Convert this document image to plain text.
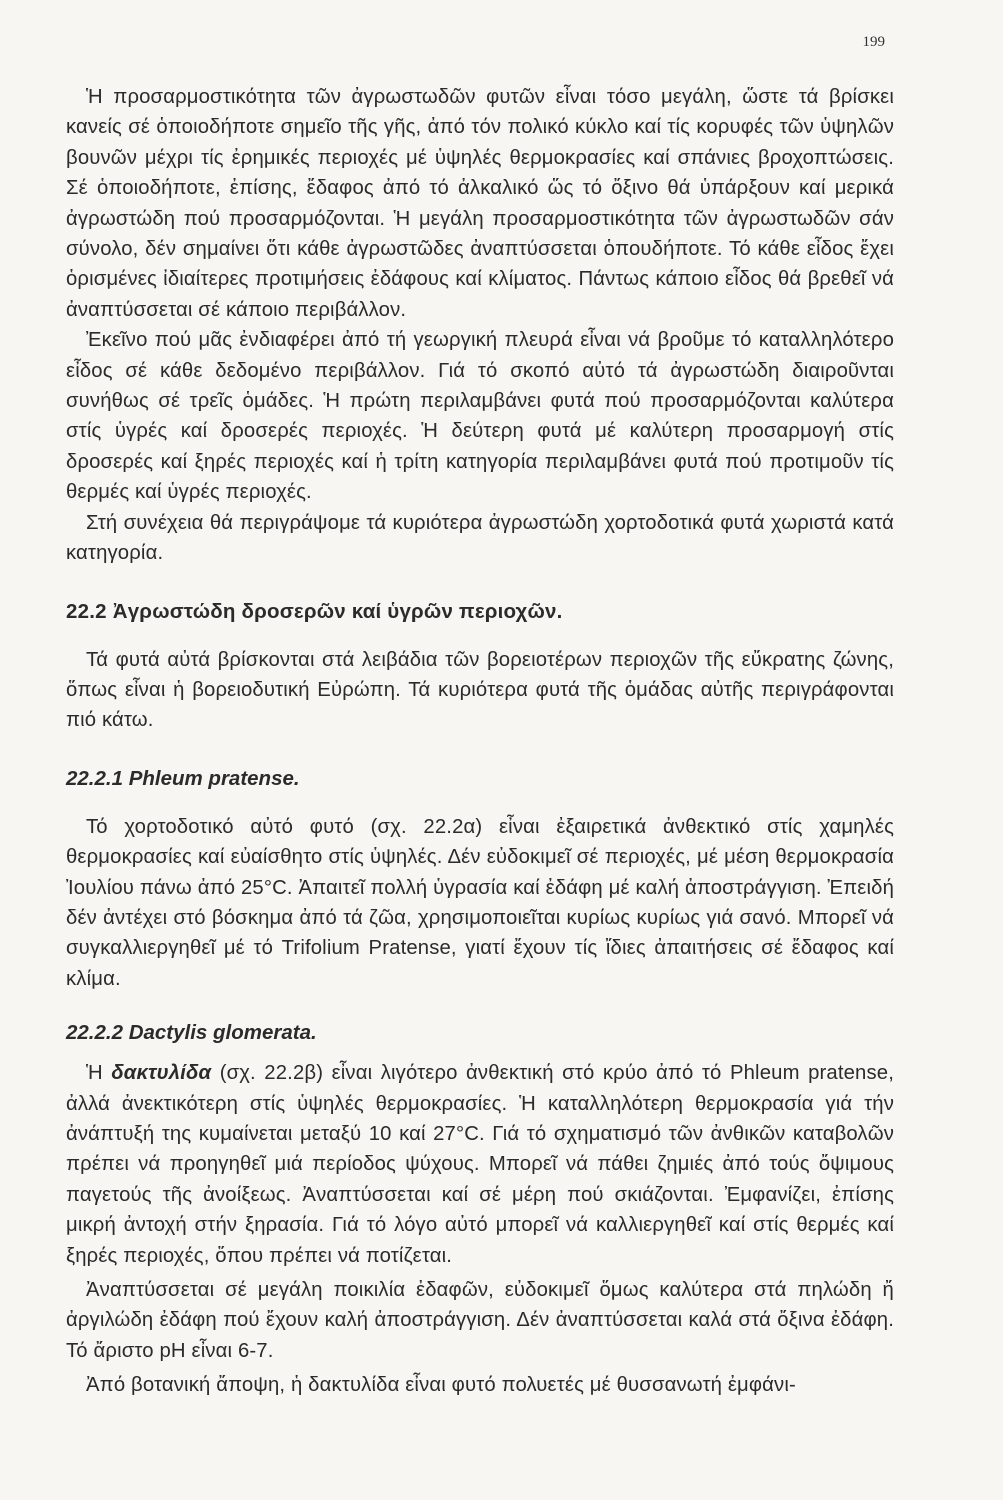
199

Ἡ προσαρμοστικότητα τῶν ἀγρωστωδῶν φυτῶν εἶναι τόσο μεγάλη, ὥστε τά βρίσκει κανείς σέ ὁποιοδήποτε σημεῖο τῆς γῆς, ἀπό τόν πολικό κύκλο καί τίς κορυφές τῶν ὑψηλῶν βουνῶν μέχρι τίς ἐρημικές περιοχές μέ ὑψηλές θερμοκρασίες καί σπάνιες βροχοπτώσεις. Σέ ὁποιοδήποτε, ἐπίσης, ἔδαφος ἀπό τό ἀλκαλικό ὥς τό ὄξινο θά ὑπάρξουν καί μερικά ἀγρωστώδη πού προσαρμόζονται. Ἡ μεγάλη προσαρμοστικότητα τῶν ἀγρωστωδῶν σάν σύνολο, δέν σημαίνει ὅτι κάθε ἀγρωστῶδες ἀναπτύσσεται ὁπουδήποτε. Τό κάθε εἶδος ἔχει ὁρισμένες ἰδιαίτερες προτιμήσεις ἐδάφους καί κλίματος. Πάντως κάποιο εἶδος θά βρεθεῖ νά ἀναπτύσσεται σέ κάποιο περιβάλλον.

Ἐκεῖνο πού μᾶς ἐνδιαφέρει ἀπό τή γεωργική πλευρά εἶναι νά βροῦμε τό καταλληλότερο εἶδος σέ κάθε δεδομένο περιβάλλον. Γιά τό σκοπό αὐτό τά ἀγρωστώδη διαιροῦνται συνήθως σέ τρεῖς ὁμάδες. Ἡ πρώτη περιλαμβάνει φυτά πού προσαρμόζονται καλύτερα στίς ὑγρές καί δροσερές περιοχές. Ἡ δεύτερη φυτά μέ καλύτερη προσαρμογή στίς δροσερές καί ξηρές περιοχές καί ἡ τρίτη κατηγορία περιλαμβάνει φυτά πού προτιμοῦν τίς θερμές καί ὑγρές περιοχές.

Στή συνέχεια θά περιγράψομε τά κυριότερα ἀγρωστώδη χορτοδοτικά φυτά χωριστά κατά κατηγορία.

22.2 Ἀγρωστώδη δροσερῶν καί ὑγρῶν περιοχῶν.

Τά φυτά αὐτά βρίσκονται στά λειβάδια τῶν βορειοτέρων περιοχῶν τῆς εὔκρατης ζώνης, ὅπως εἶναι ἡ βορειοδυτική Εὐρώπη. Τά κυριότερα φυτά τῆς ὁμάδας αὐτῆς περιγράφονται πιό κάτω.

22.2.1 Phleum pratense.

Τό χορτοδοτικό αὐτό φυτό (σχ. 22.2α) εἶναι ἐξαιρετικά ἀνθεκτικό στίς χαμηλές θερμοκρασίες καί εὐαίσθητο στίς ὑψηλές. Δέν εὐδοκιμεῖ σέ περιοχές, μέ μέση θερμοκρασία Ἰουλίου πάνω ἀπό 25°C. Ἀπαιτεῖ πολλή ὑγρασία καί ἐδάφη μέ καλή ἀποστράγγιση. Ἐπειδή δέν ἀντέχει στό βόσκημα ἀπό τά ζῶα, χρησιμοποιεῖται κυρίως κυρίως γιά σανό. Μπορεῖ νά συγκαλλιεργηθεῖ μέ τό Trifolium Pratense, γιατί ἔχουν τίς ἴδιες ἀπαιτήσεις σέ ἔδαφος καί κλίμα.

22.2.2 Dactylis glomerata.

Ἡ δακτυλίδα (σχ. 22.2β) εἶναι λιγότερο ἀνθεκτική στό κρύο ἀπό τό Phleum pratense, ἀλλά ἀνεκτικότερη στίς ὑψηλές θερμοκρασίες. Ἡ καταλληλότερη θερμοκρασία γιά τήν ἀνάπτυξή της κυμαίνεται μεταξύ 10 καί 27°C. Γιά τό σχηματισμό τῶν ἀνθικῶν καταβολῶν πρέπει νά προηγηθεῖ μιά περίοδος ψύχους. Μπορεῖ νά πάθει ζημιές ἀπό τούς ὄψιμους παγετούς τῆς ἀνοίξεως. Ἀναπτύσσεται καί σέ μέρη πού σκιάζονται. Ἐμφανίζει, ἐπίσης μικρή ἀντοχή στήν ξηρασία. Γιά τό λόγο αὐτό μπορεῖ νά καλλιεργηθεῖ καί στίς θερμές καί ξηρές περιοχές, ὅπου πρέπει νά ποτίζεται.

Ἀναπτύσσεται σέ μεγάλη ποικιλία ἐδαφῶν, εὐδοκιμεῖ ὅμως καλύτερα στά πηλώδη ἤ ἀργιλώδη ἐδάφη πού ἔχουν καλή ἀποστράγγιση. Δέν ἀναπτύσσεται καλά στά ὄξινα ἐδάφη. Τό ἄριστο pH εἶναι 6-7.

Ἀπό βοτανική ἄποψη, ἡ δακτυλίδα εἶναι φυτό πολυετές μέ θυσσανωτή ἐμφάνι-
